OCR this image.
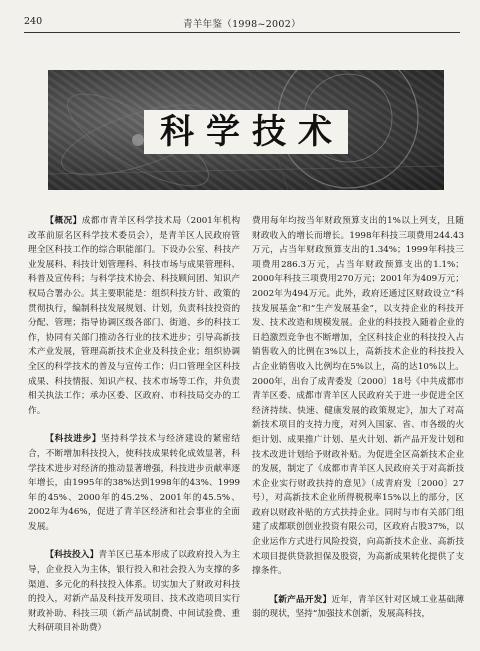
240	青羊年鉴（1998~2002）
科学技术

【概况】成都市青羊区科学技术局（2001年机构改革前原名区科学技术委员会），是青羊区人民政府管理全区科技工作的综合职能部门。下设办公室、科技产业发展科、科技计划管理科、科技市场与成果管理科、科普及宣传科；与科学技术协会、科技顾问团、知识产权局合署办公。其主要职能是：组织科技方针、政策的贯彻执行，编制科技发展规划、计划，负责科技投资的分配、管理；指导协调区级各部门、街道、乡的科技工作，协同有关部门推动各行业的技术进步；引导高新技术产业发展，管理高新技术企业及科技企业；组织协调全区的科学技术的普及与宣传工作；归口管理全区科技成果、科技情报、知识产权、技术市场等工作，并负责相关执法工作；承办区委、区政府、市科技局交办的工作。

【科技进步】坚持科学技术与经济建设的紧密结合，不断增加科技投入，使科技成果转化成效显著，科学技术进步对经济的推动显著增强，科技进步贡献率逐年增长，由1995年的38%达到1998年的43%、1999年的45%、2000年的45.2%、2001年的45.5%、2002年为46%，促进了青羊区经济和社会事业的全面发展。

【科技投入】青羊区已基本形成了以政府投入为主导，企业投入为主体，银行投入和社会投入为支撑的多渠道、多元化的科技投入体系。切实加大了财政对科技的投入，对新产品及科技开发项目、技术改造项目实行财政补助、科技三项（新产品试制费、中间试验费、重大科研项目补助费）

费用每年均按当年财政预算支出的1%以上列支，且随财政收入的增长而增长。1998年科技三项费用244.43万元，占当年财政预算支出的1.34%；1999年科技三项费用286.3万元，占当年财政预算支出的1.1%；2000年科技三项费用270万元；2001年为409万元；2002年为494万元。此外，政府还通过区财政设立“科技发展基金”和“生产发展基金”，以支持企业的科技开发、技术改造和规模发展。企业的科技投入随着企业的日趋激烈竞争也不断增加，全区科技企业的科技投入占销售收入的比例在3%以上，高新技术企业的科技投入占企业销售收入比例均在5%以上，高的达10%以上。2000年，出台了成青委发〔2000〕18号《中共成都市青羊区委、成都市青羊区人民政府关于进一步促进全区经济持续、快速、健康发展的政策规定》，加大了对高新技术项目的支持力度，对列入国家、省、市各级的火炬计划、成果推广计划、星火计划、新产品开发计划和技术改进计划给予财政补贴。为促进全区高新技术企业的发展，制定了《成都市青羊区人民政府关于对高新技术企业实行财政扶持的意见》（成青府发〔2000〕27号），对高新技术企业所得税税率15%以上的部分，区政府以财政补贴的方式扶持企业。同时与市有关部门组建了成都联创创业投资有限公司，区政府占股37%，以企业运作方式进行风险投资，向高新技术企业、高新技术项目提供贷款担保及股资，为高新成果转化提供了支撑条件。

【新产品开发】近年，青羊区针对区域工业基础薄弱的现状，坚持“加强技术创新，发展高科技，
